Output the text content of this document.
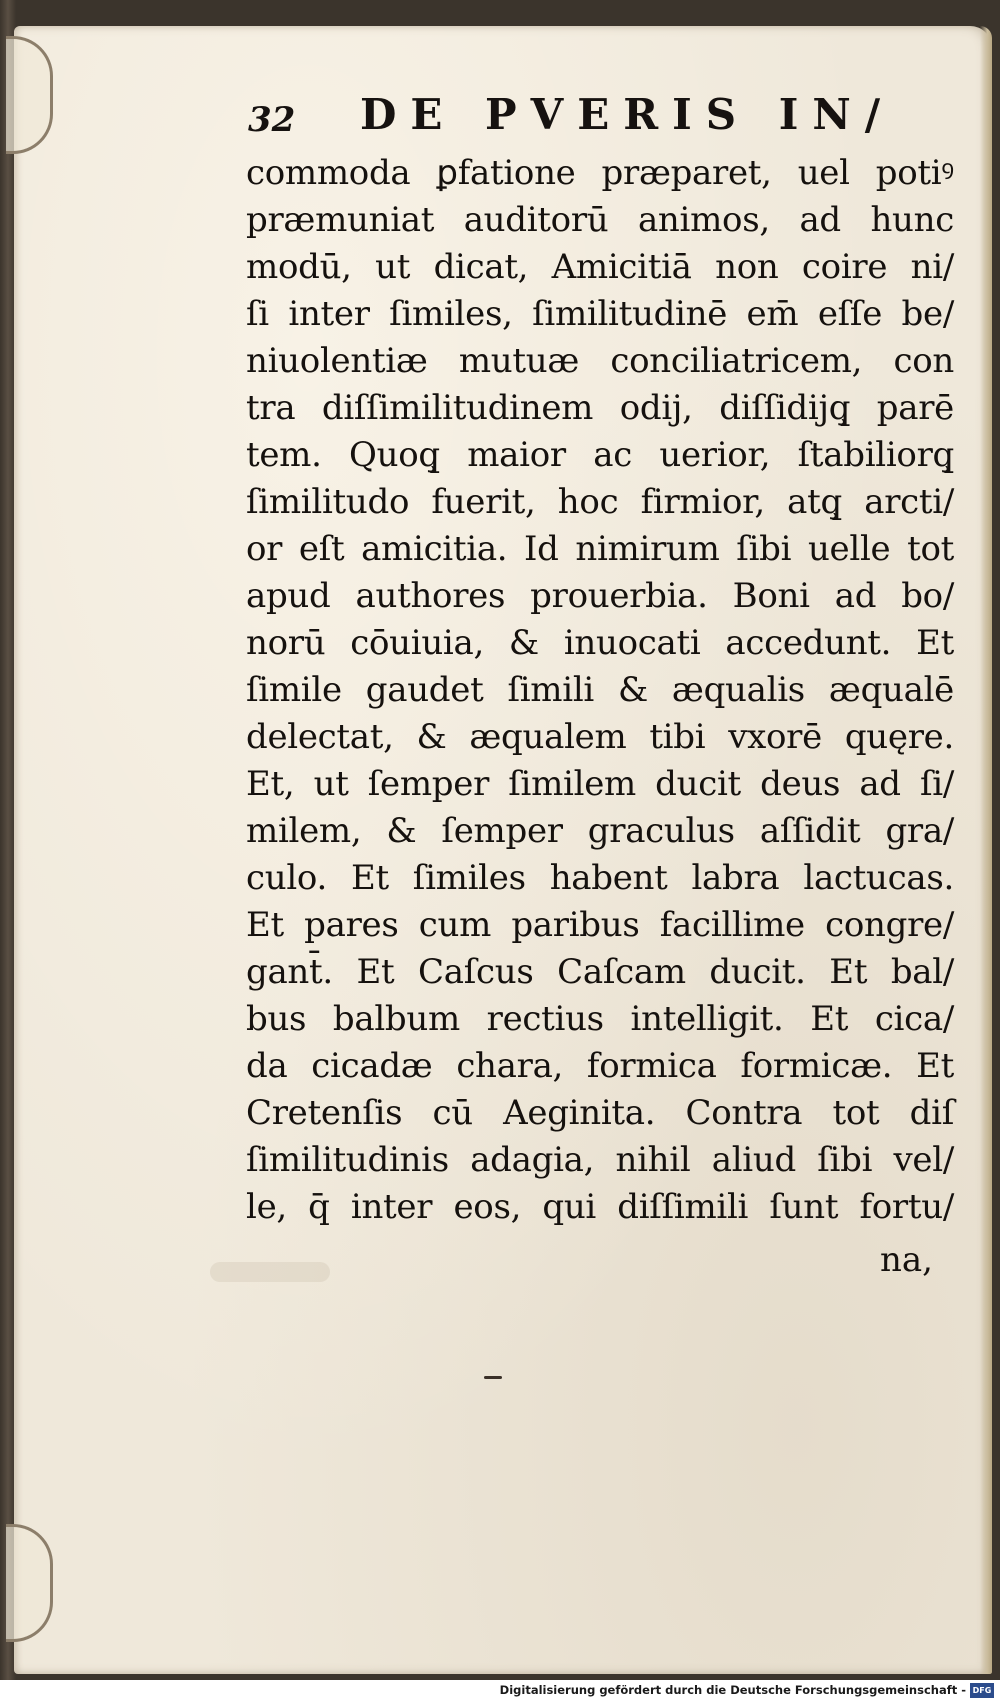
32 DE PVERIS IN/
commoda ꝑfatione præparet, uel potiꝰ
præmuniat auditorū animos, ad hunc
modū, ut dicat, Amicitiā non coire ni/
ſi inter ſimiles, ſimilitudinē em̄ eſſe be/
niuolentiæ mutuæ conciliatricem, con
tra diſſimilitudinem odij, diſſidijq̧ parē
tem. Quoq̧ maior ac uerior, ſtabiliorq̧
ſimilitudo fuerit, hoc firmior, atq̧ arcti/
or eſt amicitia. Id nimirum ſibi uelle tot
apud authores prouerbia. Boni ad bo/
norū cōuiuia, & inuocati accedunt. Et
ſimile gaudet ſimili & æqualis æqualē
delectat, & æqualem tibi vxorē quęre.
Et, ut ſemper ſimilem ducit deus ad ſi/
milem, & ſemper graculus aſſidit gra/
culo. Et ſimiles habent labra lactucas.
Et pares cum paribus facillime congre/
gant̄. Et Caſcus Caſcam ducit. Et bal/
bus balbum rectius intelligit. Et cica/
da cicadæ chara, formica formicæ. Et
Cretenſis cū Aeginita. Contra tot diſ
ſimilitudinis adagia, nihil aliud ſibi vel/
le, q̄ inter eos, qui diſſimili ſunt fortu/
na,
Digitalisierung gefördert durch die Deutsche Forschungsgemeinschaft - DFG
